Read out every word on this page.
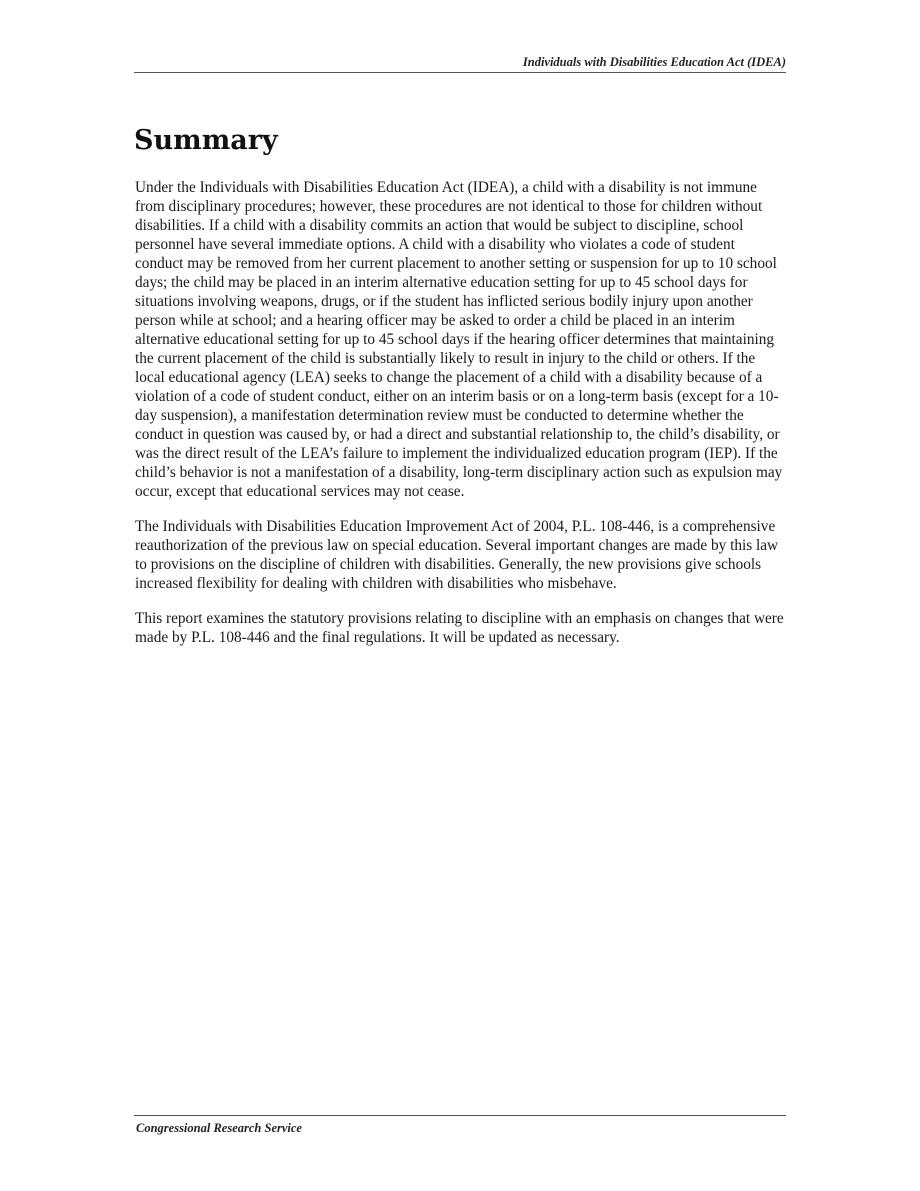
Individuals with Disabilities Education Act (IDEA)
Summary

Under the Individuals with Disabilities Education Act (IDEA), a child with a disability is not immune from disciplinary procedures; however, these procedures are not identical to those for children without disabilities. If a child with a disability commits an action that would be subject to discipline, school personnel have several immediate options. A child with a disability who violates a code of student conduct may be removed from her current placement to another setting or suspension for up to 10 school days; the child may be placed in an interim alternative education setting for up to 45 school days for situations involving weapons, drugs, or if the student has inflicted serious bodily injury upon another person while at school; and a hearing officer may be asked to order a child be placed in an interim alternative educational setting for up to 45 school days if the hearing officer determines that maintaining the current placement of the child is substantially likely to result in injury to the child or others. If the local educational agency (LEA) seeks to change the placement of a child with a disability because of a violation of a code of student conduct, either on an interim basis or on a long-term basis (except for a 10-day suspension), a manifestation determination review must be conducted to determine whether the conduct in question was caused by, or had a direct and substantial relationship to, the child’s disability, or was the direct result of the LEA’s failure to implement the individualized education program (IEP). If the child’s behavior is not a manifestation of a disability, long-term disciplinary action such as expulsion may occur, except that educational services may not cease.

The Individuals with Disabilities Education Improvement Act of 2004, P.L. 108-446, is a comprehensive reauthorization of the previous law on special education. Several important changes are made by this law to provisions on the discipline of children with disabilities. Generally, the new provisions give schools increased flexibility for dealing with children with disabilities who misbehave.

This report examines the statutory provisions relating to discipline with an emphasis on changes that were made by P.L. 108-446 and the final regulations. It will be updated as necessary.

Congressional Research Service
